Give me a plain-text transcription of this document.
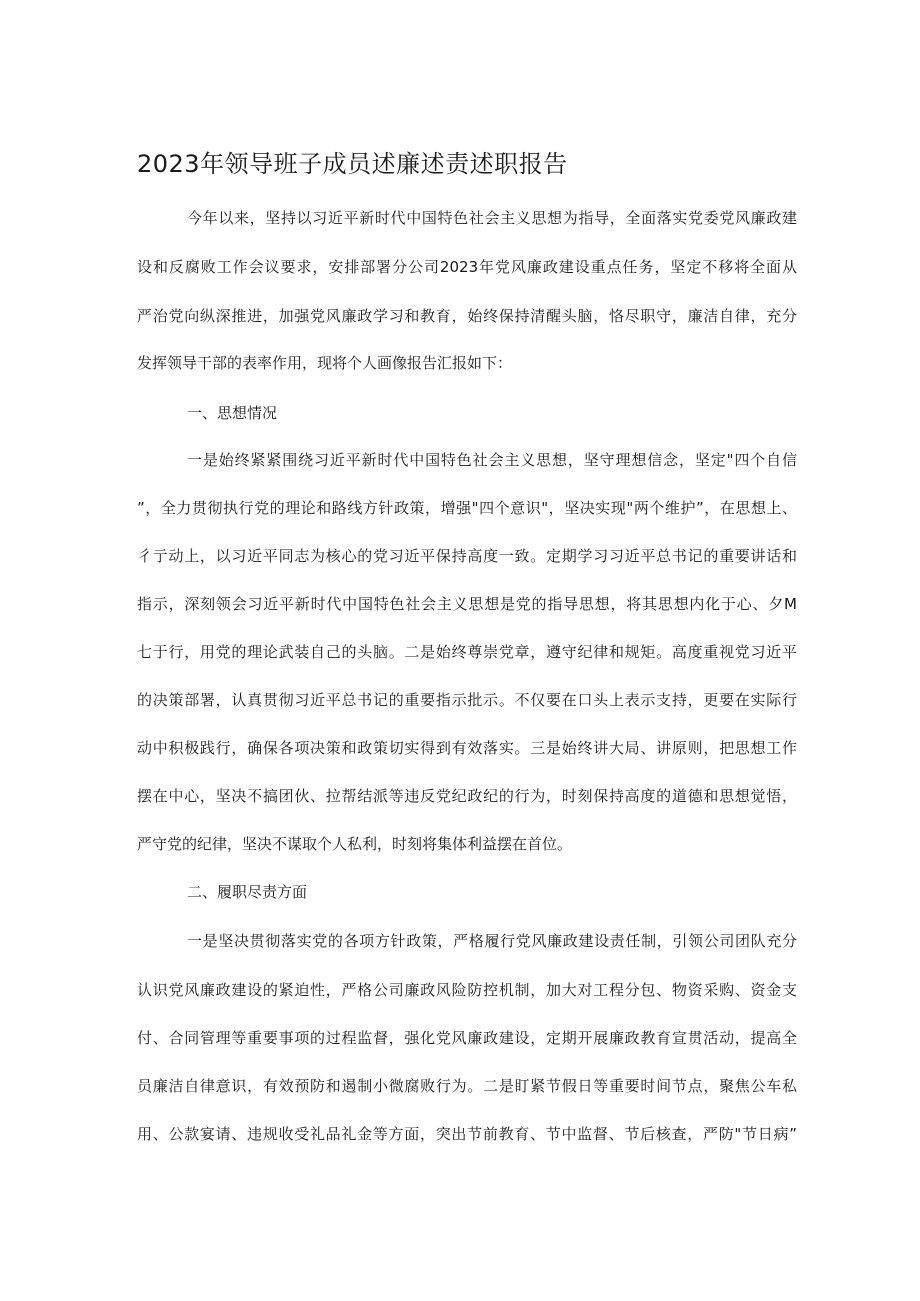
2023年领导班子成员述廉述责述职报告
今年以来，坚持以习近平新时代中国特色社会主义思想为指导，全面落实党委党风廉政建
设和反腐败工作会议要求，安排部署分公司2023年党风廉政建设重点任务，坚定不移将全面从
严治党向纵深推进，加强党风廉政学习和教育，始终保持清醒头脑，恪尽职守，廉洁自律，充分
发挥领导干部的表率作用，现将个人画像报告汇报如下：
一、思想情况
一是始终紧紧围绕习近平新时代中国特色社会主义思想，坚守理想信念，坚定"四个自信
”，全力贯彻执行党的理论和路线方针政策，增强"四个意识"，坚决实现"两个维护”，在思想上、
彳亍动上，以习近平同志为核心的党习近平保持高度一致。定期学习习近平总书记的重要讲话和
指示，深刻领会习近平新时代中国特色社会主义思想是党的指导思想，将其思想内化于心、夕M
七于行，用党的理论武装自己的头脑。二是始终尊崇党章，遵守纪律和规矩。高度重视党习近平
的决策部署，认真贯彻习近平总书记的重要指示批示。不仅要在口头上表示支持，更要在实际行
动中积极践行，确保各项决策和政策切实得到有效落实。三是始终讲大局、讲原则，把思想工作
摆在中心，坚决不搞团伙、拉帮结派等违反党纪政纪的行为，时刻保持高度的道德和思想觉悟，
严守党的纪律，坚决不谋取个人私利，时刻将集体利益摆在首位。
二、履职尽责方面
一是坚决贯彻落实党的各项方针政策，严格履行党风廉政建设责任制，引领公司团队充分
认识党风廉政建设的紧迫性，严格公司廉政风险防控机制，加大对工程分包、物资采购、资金支
付、合同管理等重要事项的过程监督，强化党风廉政建设，定期开展廉政教育宣贯活动，提高全
员廉洁自律意识，有效预防和遏制小微腐败行为。二是盯紧节假日等重要时间节点，聚焦公车私
用、公款宴请、违规收受礼品礼金等方面，突出节前教育、节中监督、节后核查，严防"节日病”
